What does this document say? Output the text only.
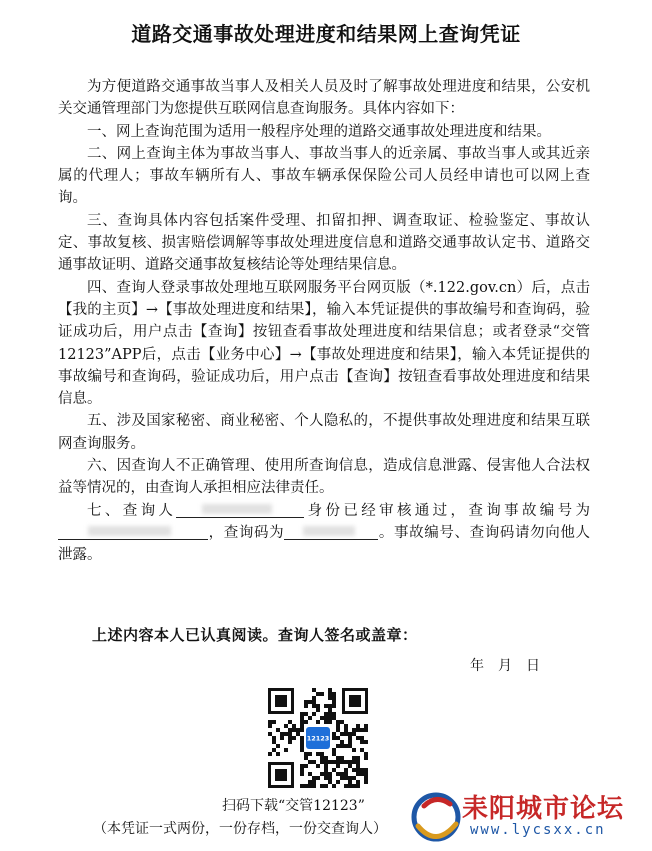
道路交通事故处理进度和结果网上查询凭证

为方便道路交通事故当事人及相关人员及时了解事故处理进度和结果，公安机关交通管理部门为您提供互联网信息查询服务。具体内容如下：

一、网上查询范围为适用一般程序处理的道路交通事故处理进度和结果。

二、网上查询主体为事故当事人、事故当事人的近亲属、事故当事人或其近亲属的代理人；事故车辆所有人、事故车辆承保保险公司人员经申请也可以网上查询。

三、查询具体内容包括案件受理、扣留扣押、调查取证、检验鉴定、事故认定、事故复核、损害赔偿调解等事故处理进度信息和道路交通事故认定书、道路交通事故证明、道路交通事故复核结论等处理结果信息。

四、查询人登录事故处理地互联网服务平台网页版（*.122.gov.cn）后，点击【我的主页】→【事故处理进度和结果】，输入本凭证提供的事故编号和查询码，验证成功后，用户点击【查询】按钮查看事故处理进度和结果信息；或者登录“交管12123”APP后，点击【业务中心】→【事故处理进度和结果】，输入本凭证提供的事故编号和查询码，验证成功后，用户点击【查询】按钮查看事故处理进度和结果信息。

五、涉及国家秘密、商业秘密、个人隐私的，不提供事故处理进度和结果互联网查询服务。

六、因查询人不正确管理、使用所查询信息，造成信息泄露、侵害他人合法权益等情况的，由查询人承担相应法律责任。

七、查询人	身份已经审核通过，查询事故编号为
，查询码为	。事故编号、查询码请勿向他人泄露。

上述内容本人已认真阅读。查询人签名或盖章：
年月日
12123
扫码下载“交管12123”
（本凭证一式两份，一份存档，一份交查询人）
耒阳城市论坛
www.lycsxx.cn
